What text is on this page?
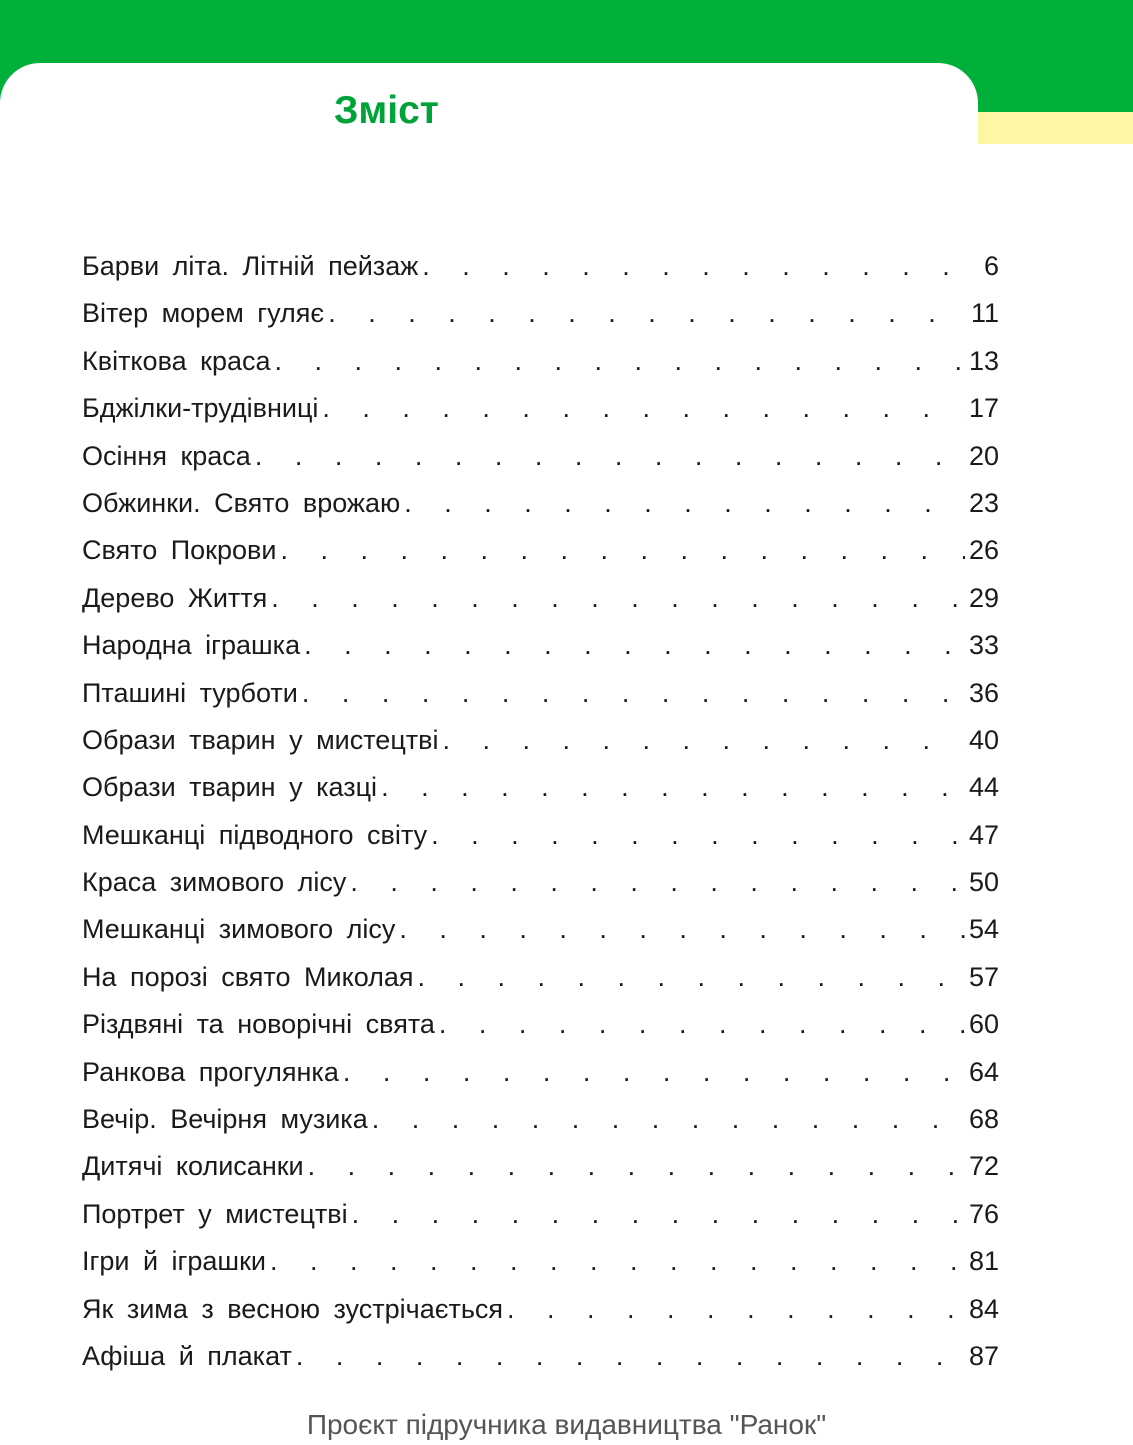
Зміст
Барви літа. Літній пейзаж . . .	6
Вітер морем гуляє . . .	11
Квіткова краса . . .	13
Бджілки-трудівниці . . .	17
Осіння краса . . .	20
Обжинки. Свято врожаю . . .	23
Свято Покрови . . .	26
Дерево Життя . . .	29
Народна іграшка . . .	33
Пташині турботи . . .	36
Образи тварин у мистецтві . . .	40
Образи тварин у казці . . .	44
Мешканці підводного світу . . .	47
Краса зимового лісу . . .	50
Мешканці зимового лісу . . .	54
На порозі свято Миколая . . .	57
Різдвяні та новорічні свята . . .	60
Ранкова прогулянка . . .	64
Вечір. Вечірня музика . . .	68
Дитячі колисанки . . .	72
Портрет у мистецтві . . .	76
Ігри й іграшки . . .	81
Як зима з весною зустрічається . . .	84
Афіша й плакат . . .	87

Проєкт підручника видавництва "Ранок"
